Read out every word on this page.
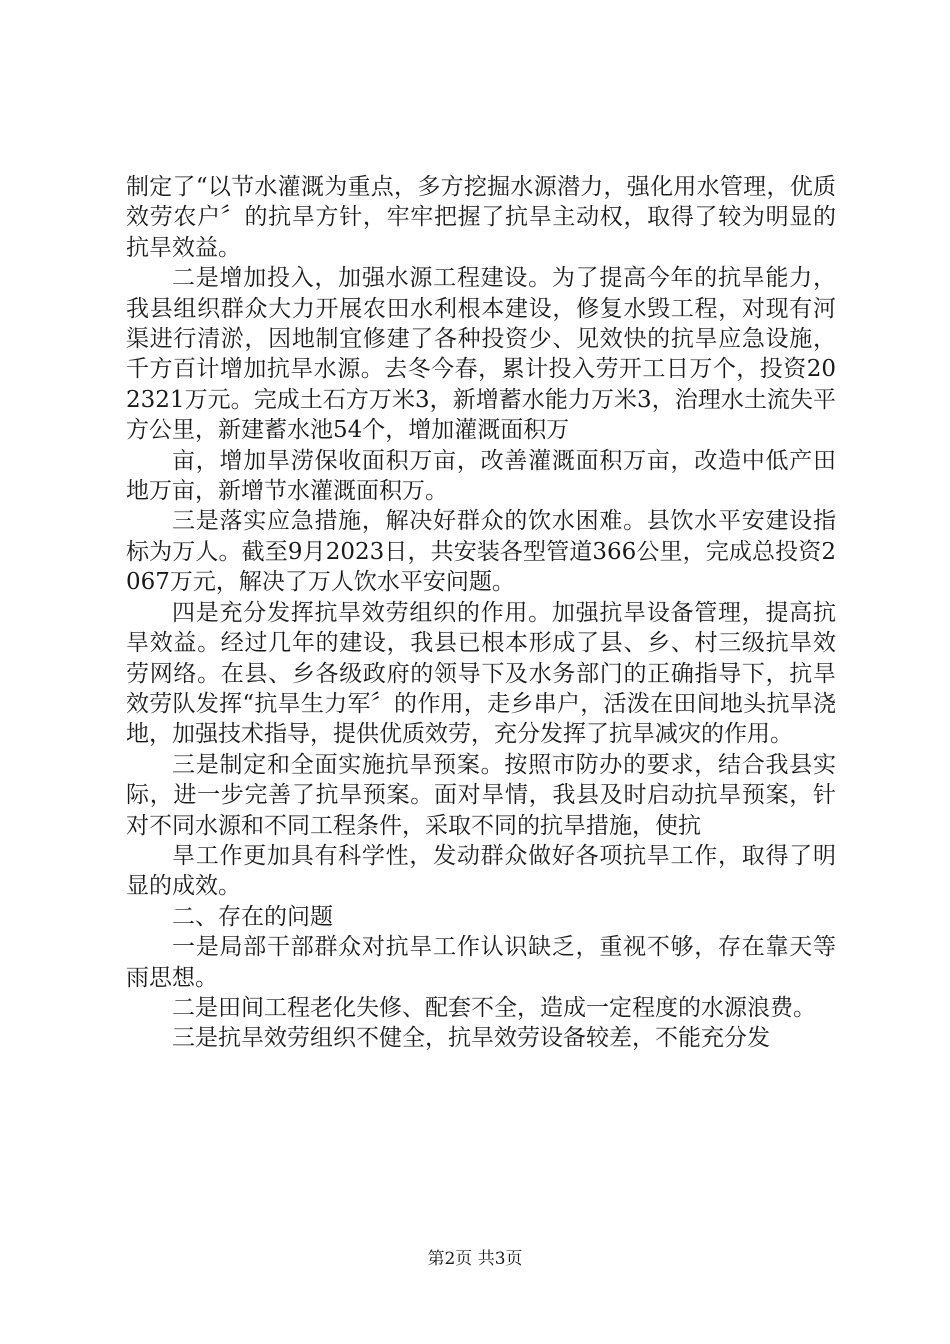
制定了“以节水灌溉为重点，多方挖掘水源潜力，强化用水管理，优质效劳农户〞的抗旱方针，牢牢把握了抗旱主动权，取得了较为明显的抗旱效益。

二是增加投入，加强水源工程建设。为了提高今年的抗旱能力，我县组织群众大力开展农田水利根本建设，修复水毁工程，对现有河渠进行清淤，因地制宜修建了各种投资少、见效快的抗旱应急设施，千方百计增加抗旱水源。去冬今春，累计投入劳开工日万个，投资202321万元。完成土石方万米3，新增蓄水能力万米3，治理水土流失平方公里，新建蓄水池54个，增加灌溉面积万

亩，增加旱涝保收面积万亩，改善灌溉面积万亩，改造中低产田地万亩，新增节水灌溉面积万。

三是落实应急措施，解决好群众的饮水困难。县饮水平安建设指标为万人。截至9月2023日，共安装各型管道366公里，完成总投资2067万元，解决了万人饮水平安问题。

四是充分发挥抗旱效劳组织的作用。加强抗旱设备管理，提高抗旱效益。经过几年的建设，我县已根本形成了县、乡、村三级抗旱效劳网络。在县、乡各级政府的领导下及水务部门的正确指导下，抗旱效劳队发挥“抗旱生力军〞的作用，走乡串户，活泼在田间地头抗旱浇地，加强技术指导，提供优质效劳，充分发挥了抗旱减灾的作用。

三是制定和全面实施抗旱预案。按照市防办的要求，结合我县实际，进一步完善了抗旱预案。面对旱情，我县及时启动抗旱预案，针对不同水源和不同工程条件，采取不同的抗旱措施，使抗

旱工作更加具有科学性，发动群众做好各项抗旱工作，取得了明显的成效。

二、存在的问题

一是局部干部群众对抗旱工作认识缺乏，重视不够，存在靠天等雨思想。

二是田间工程老化失修、配套不全，造成一定程度的水源浪费。

三是抗旱效劳组织不健全，抗旱效劳设备较差，不能充分发

第2页 共3页
